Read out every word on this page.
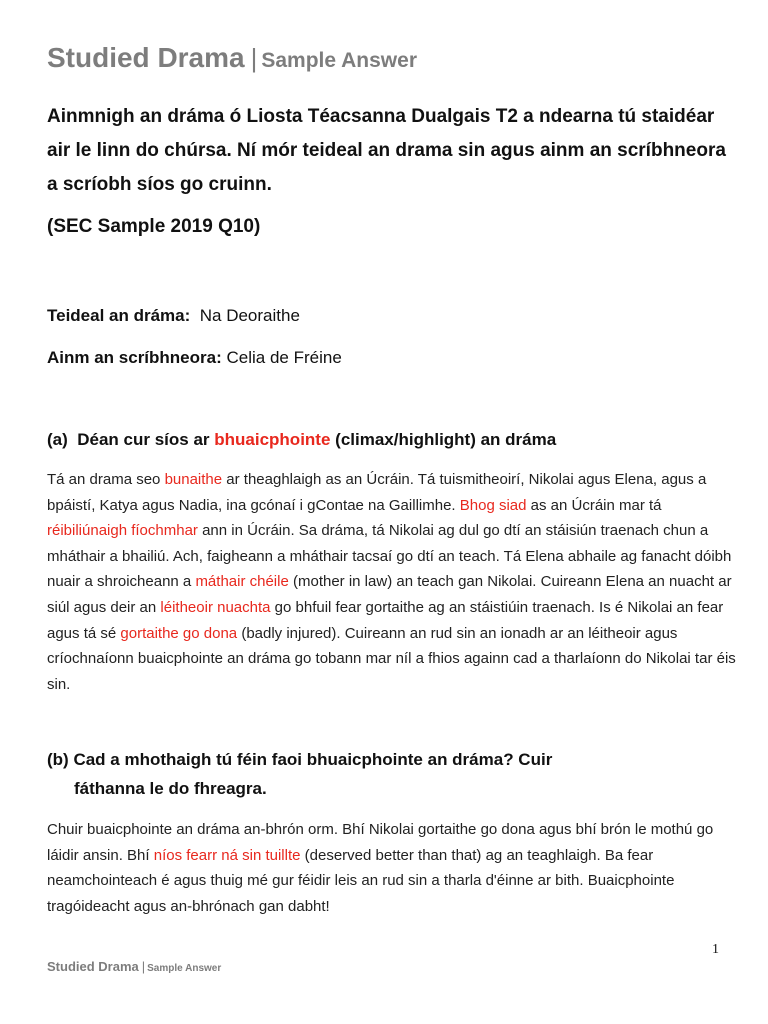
Studied Drama | Sample Answer
Ainmnigh an dráma ó Liosta Téacsanna Dualgais T2 a ndearna tú staidéar air le linn do chúrsa. Ní mór teideal an drama sin agus ainm an scríbhneora a scríobh síos go cruinn.
(SEC Sample 2019 Q10)
Teideal an dráma: Na Deoraithe
Ainm an scríbhneora: Celia de Fréine
(a) Déan cur síos ar bhuaicphointe (climax/highlight) an dráma
Tá an drama seo bunaithe ar theaghlaigh as an Úcráin. Tá tuismitheoirí, Nikolai agus Elena, agus a bpáistí, Katya agus Nadia, ina gcónaí i gContae na Gaillimhe. Bhog siad as an Úcráin mar tá réibiliúnaigh fíochmhar ann in Úcráin. Sa dráma, tá Nikolai ag dul go dtí an stáisiún traenach chun a mháthair a bhailiú. Ach, faigheann a mháthair tacsaí go dtí an teach. Tá Elena abhaile ag fanacht dóibh nuair a shroicheann a máthair chéile (mother in law) an teach gan Nikolai. Cuireann Elena an nuacht ar siúl agus deir an léitheoir nuachta go bhfuil fear gortaithe ag an stáistiúin traenach. Is é Nikolai an fear agus tá sé gortaithe go dona (badly injured). Cuireann an rud sin an ionadh ar an léitheoir agus críochnaíonn buaicphointe an dráma go tobann mar níl a fhios againn cad a tharlaíonn do Nikolai tar éis sin.
(b) Cad a mhothaigh tú féin faoi bhuaicphointe an dráma? Cuir
fáthanna le do fhreagra.
Chuir buaicphointe an dráma an-bhrón orm. Bhí Nikolai gortaithe go dona agus bhí brón le mothú go láidir ansin. Bhí níos fearr ná sin tuillte (deserved better than that) ag an teaghlaigh. Ba fear neamchointeach é agus thuig mé gur féidir leis an rud sin a tharla d'éinne ar bith. Buaicphointe tragóideacht agus an-bhrónach gan dabht!
1
Studied Drama | Sample Answer
